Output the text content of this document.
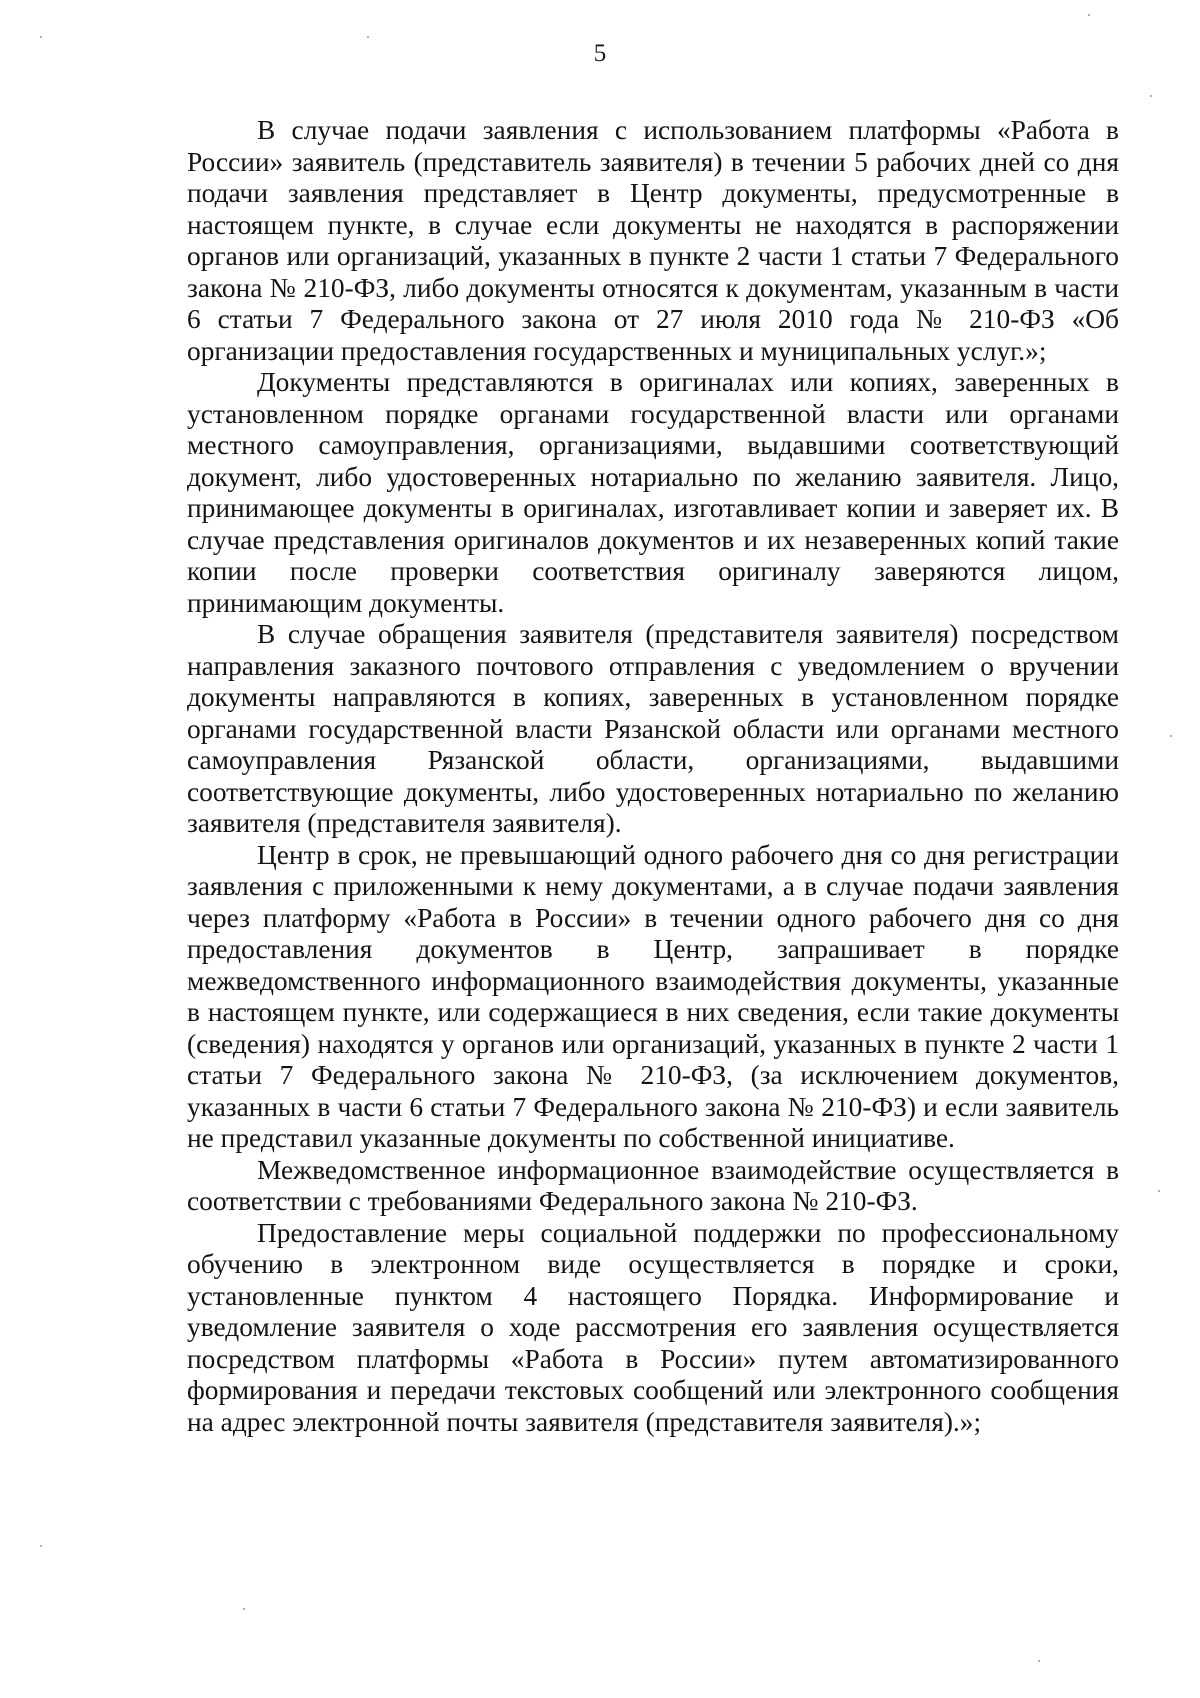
5

В случае подачи заявления с использованием платформы «Работа в России» заявитель (представитель заявителя) в течении 5 рабочих дней со дня подачи заявления представляет в Центр документы, предусмотренные в настоящем пункте, в случае если документы не находятся в распоряжении органов или организаций, указанных в пункте 2 части 1 статьи 7 Федерального закона № 210-ФЗ, либо документы относятся к документам, указанным в части 6 статьи 7 Федерального закона от 27 июля 2010 года № 210-ФЗ «Об организации предоставления государственных и муниципальных услуг.»;

Документы представляются в оригиналах или копиях, заверенных в установленном порядке органами государственной власти или органами местного самоуправления, организациями, выдавшими соответствующий документ, либо удостоверенных нотариально по желанию заявителя. Лицо, принимающее документы в оригиналах, изготавливает копии и заверяет их. В случае представления оригиналов документов и их незаверенных копий такие копии после проверки соответствия оригиналу заверяются лицом, принимающим документы.

В случае обращения заявителя (представителя заявителя) посредством направления заказного почтового отправления с уведомлением о вручении документы направляются в копиях, заверенных в установленном порядке органами государственной власти Рязанской области или органами местного самоуправления Рязанской области, организациями, выдавшими соответствующие документы, либо удостоверенных нотариально по желанию заявителя (представителя заявителя).

Центр в срок, не превышающий одного рабочего дня со дня регистрации заявления с приложенными к нему документами, а в случае подачи заявления через платформу «Работа в России» в течении одного рабочего дня со дня предоставления документов в Центр, запрашивает в порядке межведомственного информационного взаимодействия документы, указанные в настоящем пункте, или содержащиеся в них сведения, если такие документы (сведения) находятся у органов или организаций, указанных в пункте 2 части 1 статьи 7 Федерального закона № 210-ФЗ, (за исключением документов, указанных в части 6 статьи 7 Федерального закона № 210-ФЗ) и если заявитель не представил указанные документы по собственной инициативе.

Межведомственное информационное взаимодействие осуществляется в соответствии с требованиями Федерального закона № 210-ФЗ.

Предоставление меры социальной поддержки по профессиональному обучению в электронном виде осуществляется в порядке и сроки, установленные пунктом 4 настоящего Порядка. Информирование и уведомление заявителя о ходе рассмотрения его заявления осуществляется посредством платформы «Работа в России» путем автоматизированного формирования и передачи текстовых сообщений или электронного сообщения на адрес электронной почты заявителя (представителя заявителя).»;
